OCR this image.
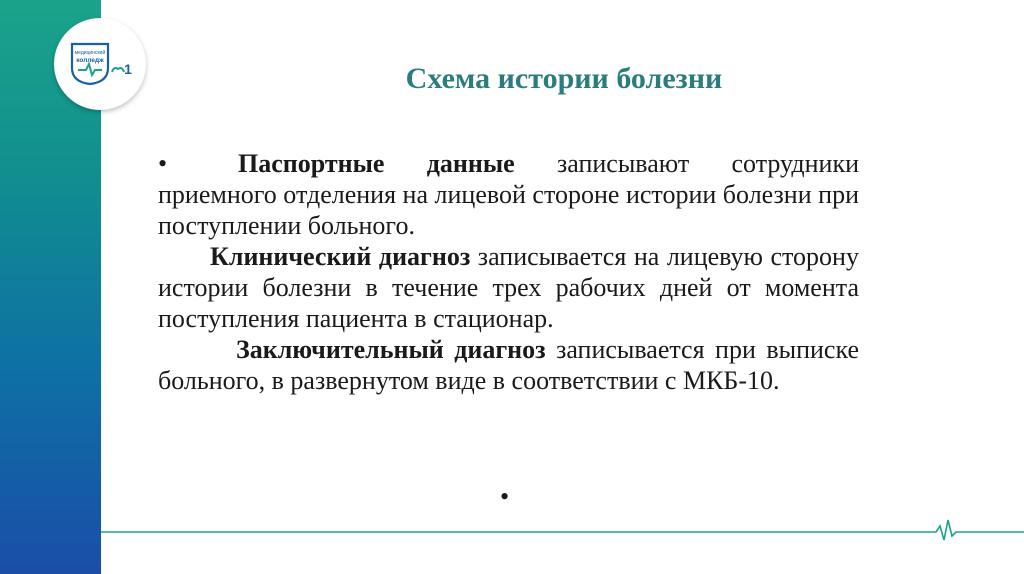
медицинский
колледж
1	Схема истории болезни
•	Паспортные данные записывают сотрудники приемного отделения на лицевой стороне истории болезни при поступлении больного.
Клинический диагноз записывается на лицевую сторону истории болезни в течение трех рабочих дней от момента поступления пациента в стационар.
Заключительный диагноз записывается при выписке больного, в развернутом виде в соответствии с МКБ-10.
•
